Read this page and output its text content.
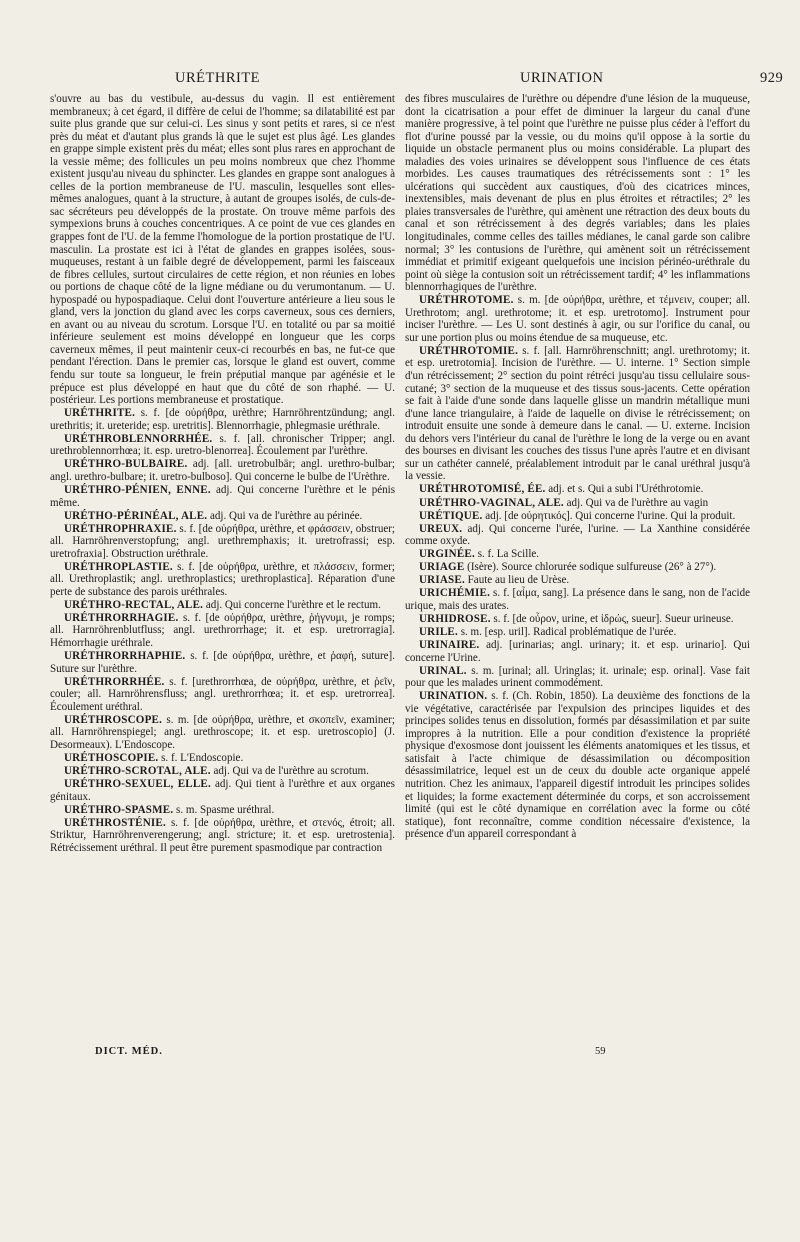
URÉTHRITE	URINATION	929

s'ouvre au bas du vestibule, au-dessus du vagin. Il est entièrement membraneux; à cet égard, il diffère de celui de l'homme; sa dilatabilité est par suite plus grande que sur celui-ci. Les sinus y sont petits et rares, si ce n'est près du méat et d'autant plus grands là que le sujet est plus âgé. Les glandes en grappe simple existent près du méat; elles sont plus rares en approchant de la vessie même; des follicules un peu moins nombreux que chez l'homme existent jusqu'au niveau du sphincter. Les glandes en grappe sont analogues à celles de la portion membraneuse de l'U. masculin, lesquelles sont elles-mêmes analogues, quant à la structure, à autant de groupes isolés, de culs-de-sac sécréteurs peu développés de la prostate. On trouve même parfois des sympexions bruns à couches concentriques. A ce point de vue ces glandes en grappes font de l'U. de la femme l'homologue de la portion prostatique de l'U. masculin. La prostate est ici à l'état de glandes en grappes isolées, sous-muqueuses, restant à un faible degré de développement, parmi les faisceaux de fibres cellules, surtout circulaires de cette région, et non réunies en lobes ou portions de chaque côté de la ligne médiane ou du verumontanum. — U. hypospadé ou hypospadiaque. Celui dont l'ouverture antérieure a lieu sous le gland, vers la jonction du gland avec les corps caverneux, sous ces derniers, en avant ou au niveau du scrotum. Lorsque l'U. en totalité ou par sa moitié inférieure seulement est moins développé en longueur que les corps caverneux mêmes, il peut maintenir ceux-ci recourbés en bas, ne fut-ce que pendant l'érection. Dans le premier cas, lorsque le gland est ouvert, comme fendu sur toute sa longueur, le frein préputial manque par agénésie et le prépuce est plus développé en haut que du côté de son rhaphé. — U. postérieur. Les portions membraneuse et prostatique.

URÉTHRITE. s. f. [de οὐρήθρα, urèthre; Harnröhrentzündung; angl. urethritis; it. ureteride; esp. uretritis]. Blennorrhagie, phlegmasie uréthrale.

URÉTHROBLENNORRHÉE. s. f. [all. chronischer Tripper; angl. urethroblennorrhœa; it. esp. uretro-blenorrea]. Écoulement par l'urèthre.

URÉTHRO-BULBAIRE. adj. [all. uretrobulbär; angl. urethro-bulbar; angl. urethro-bulbare; it. uretro-bulboso]. Qui concerne le bulbe de l'Urèthre.

URÉTHRO-PÉNIEN, ENNE. adj. Qui concerne l'urèthre et le pénis même.

URÉTHO-PÉRINÉAL, ALE. adj. Qui va de l'urèthre au périnée.

URÉTHROPHRAXIE. s. f. [de οὐρήθρα, urèthre, et φράσσειν, obstruer; all. Harnröhrenverstopfung; angl. urethremphaxis; it. uretrofrassi; esp. uretrofraxia]. Obstruction uréthrale.

URÉTHROPLASTIE. s. f. [de οὐρήθρα, urèthre, et πλάσσειν, former; all. Urethroplastik; angl. urethroplastics; urethroplastica]. Réparation d'une perte de substance des parois uréthrales.

URÉTHRO-RECTAL, ALE. adj. Qui concerne l'urèthre et le rectum.

URÉTHRORRHAGIE. s. f. [de οὐρήθρα, urèthre, ῥήγνυμι, je romps; all. Harnröhrenblutfluss; angl. urethrorrhage; it. et esp. uretrorragia]. Hémorrhagie uréthrale.

URÉTHRORRHAPHIE. s. f. [de οὐρήθρα, urèthre, et ῥαφή, suture]. Suture sur l'urèthre.

URÉTHRORRHÉE. s. f. [urethrorrhœa, de οὐρήθρα, urèthre, et ῥεῖν, couler; all. Harnröhrensfluss; angl. urethrorrhœa; it. et esp. uretrorrea]. Écoulement uréthral.

URÉTHROSCOPE. s. m. [de οὐρήθρα, urèthre, et σκοπεῖν, examiner; all. Harnröhrenspiegel; angl. urethroscope; it. et esp. uretroscopio] (J. Desormeaux). L'Endoscope.

URÉTHOSCOPIE. s. f. L'Endoscopie.

URÉTHRO-SCROTAL, ALE. adj. Qui va de l'urèthre au scrotum.

URÉTHRO-SEXUEL, ELLE. adj. Qui tient à l'urèthre et aux organes génitaux.

URÉTHRO-SPASME. s. m. Spasme uréthral.

URÉTHROSTÉNIE. s. f. [de οὐρήθρα, urèthre, et στενός, étroit; all. Striktur, Harnröhrenverengerung; angl. stricture; it. et esp. uretrostenia]. Rétrécissement uréthral. Il peut être purement spasmodique par contraction

des fibres musculaires de l'urèthre ou dépendre d'une lésion de la muqueuse, dont la cicatrisation a pour effet de diminuer la largeur du canal d'une manière progressive, à tel point que l'urèthre ne puisse plus céder à l'effort du flot d'urine poussé par la vessie, ou du moins qu'il oppose à la sortie du liquide un obstacle permanent plus ou moins considérable. La plupart des maladies des voies urinaires se développent sous l'influence de ces états morbides. Les causes traumatiques des rétrécissements sont : 1° les ulcérations qui succèdent aux caustiques, d'où des cicatrices minces, inextensibles, mais devenant de plus en plus étroites et rétractiles; 2° les plaies transversales de l'urèthre, qui amènent une rétraction des deux bouts du canal et son rétrécissement à des degrés variables; dans les plaies longitudinales, comme celles des tailles médianes, le canal garde son calibre normal; 3° les contusions de l'urèthre, qui amènent soit un rétrécissement immédiat et primitif exigeant quelquefois une incision périnéo-uréthrale du point où siège la contusion soit un rétrécissement tardif; 4° les inflammations blennorrhagiques de l'urèthre.

URÉTHROTOME. s. m. [de οὐρήθρα, urèthre, et τέμνειν, couper; all. Urethrotom; angl. urethrotome; it. et esp. uretrotomo]. Instrument pour inciser l'urèthre. — Les U. sont destinés à agir, ou sur l'orifice du canal, ou sur une portion plus ou moins étendue de sa muqueuse, etc.

URÉTHROTOMIE. s. f. [all. Harnröhrenschnitt; angl. urethrotomy; it. et esp. uretrotomia]. Incision de l'urèthre. — U. interne. 1° Section simple d'un rétrécissement; 2° section du point rétréci jusqu'au tissu cellulaire sous-cutané; 3° section de la muqueuse et des tissus sous-jacents. Cette opération se fait à l'aide d'une sonde dans laquelle glisse un mandrin métallique muni d'une lance triangulaire, à l'aide de laquelle on divise le rétrécissement; on introduit ensuite une sonde à demeure dans le canal. — U. externe. Incision du dehors vers l'intérieur du canal de l'urèthre le long de la verge ou en avant des bourses en divisant les couches des tissus l'une après l'autre et en divisant sur un cathéter cannelé, préalablement introduit par le canal uréthral jusqu'à la vessie.

URÉTHROTOMISÉ, ÉE. adj. et s. Qui a subi l'Uréthrotomie.

URÉTHRO-VAGINAL, ALE. adj. Qui va de l'urèthre au vagin

URÉTIQUE. adj. [de οὐρητικός]. Qui concerne l'urine. Qui la produit.

UREUX. adj. Qui concerne l'urée, l'urine. — La Xanthine considérée comme oxyde.

URGINÉE. s. f. La Scille.

URIAGE (Isère). Source chlorurée sodique sulfureuse (26° à 27°).

URIASE. Faute au lieu de Urèse.

URICHÉMIE. s. f. [αἷμα, sang]. La présence dans le sang, non de l'acide urique, mais des urates.

URHIDROSE. s. f. [de οὖρον, urine, et ἱδρώς, sueur]. Sueur urineuse.

URILE. s. m. [esp. uril]. Radical problématique de l'urée.

URINAIRE. adj. [urinarias; angl. urinary; it. et esp. urinario]. Qui concerne l'Urine.

URINAL. s. m. [urinal; all. Uringlas; it. urinale; esp. orinal]. Vase fait pour que les malades urinent commodément.

URINATION. s. f. (Ch. Robin, 1850). La deuxième des fonctions de la vie végétative, caractérisée par l'expulsion des principes liquides et des principes solides tenus en dissolution, formés par désassimilation et par suite impropres à la nutrition. Elle a pour condition d'existence la propriété physique d'exosmose dont jouissent les éléments anatomiques et les tissus, et satisfait à l'acte chimique de désassimilation ou décomposition désassimilatrice, lequel est un de ceux du double acte organique appelé nutrition. Chez les animaux, l'appareil digestif introduit les principes solides et liquides; la forme exactement déterminée du corps, et son accroissement limité (qui est le côté dynamique en corrélation avec la forme ou côté statique), font reconnaître, comme condition nécessaire d'existence, la présence d'un appareil correspondant à

DICT. MÉD.	59
